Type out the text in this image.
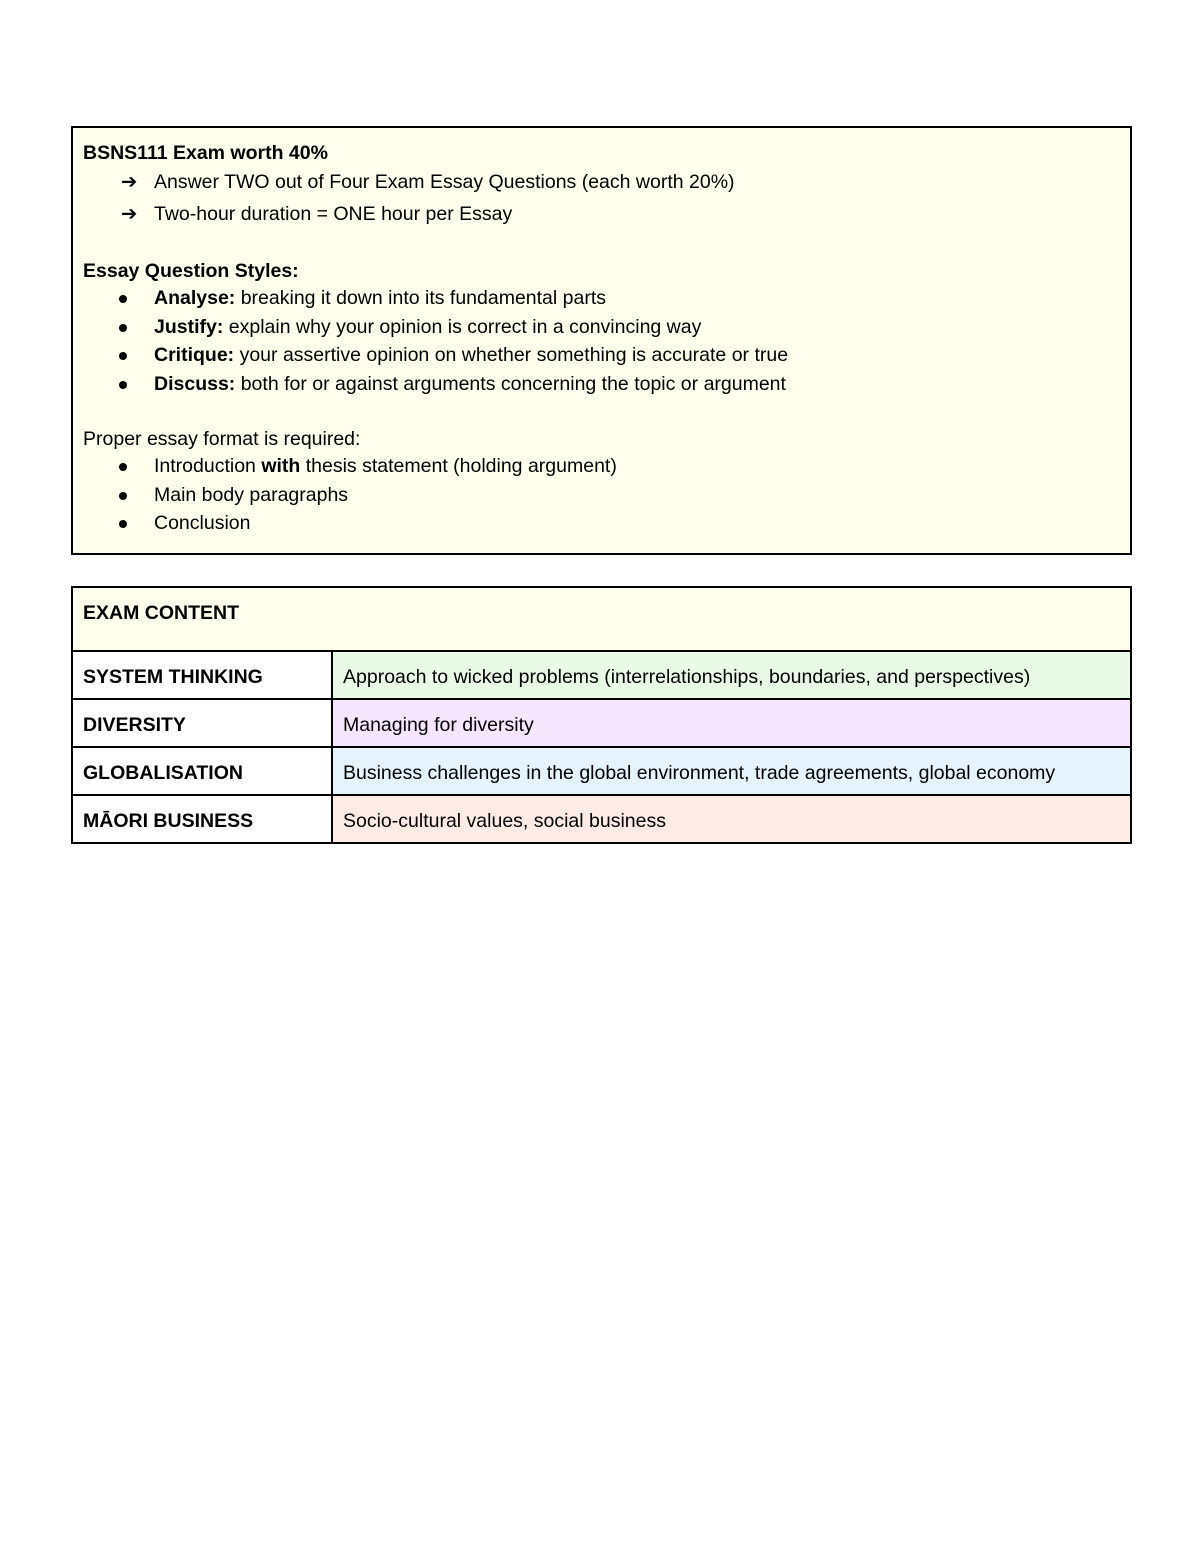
BSNS111 Exam worth 40%
➔ Answer TWO out of Four Exam Essay Questions (each worth 20%)
➔ Two-hour duration = ONE hour per Essay
Essay Question Styles:
Analyse: breaking it down into its fundamental parts
Justify: explain why your opinion is correct in a convincing way
Critique: your assertive opinion on whether something is accurate or true
Discuss: both for or against arguments concerning the topic or argument
Proper essay format is required:
Introduction with thesis statement (holding argument)
Main body paragraphs
Conclusion
EXAM CONTENT	
SYSTEM THINKING	Approach to wicked problems (interrelationships, boundaries, and perspectives)
DIVERSITY	Managing for diversity
GLOBALISATION	Business challenges in the global environment, trade agreements, global economy
MĀORI BUSINESS	Socio-cultural values, social business
